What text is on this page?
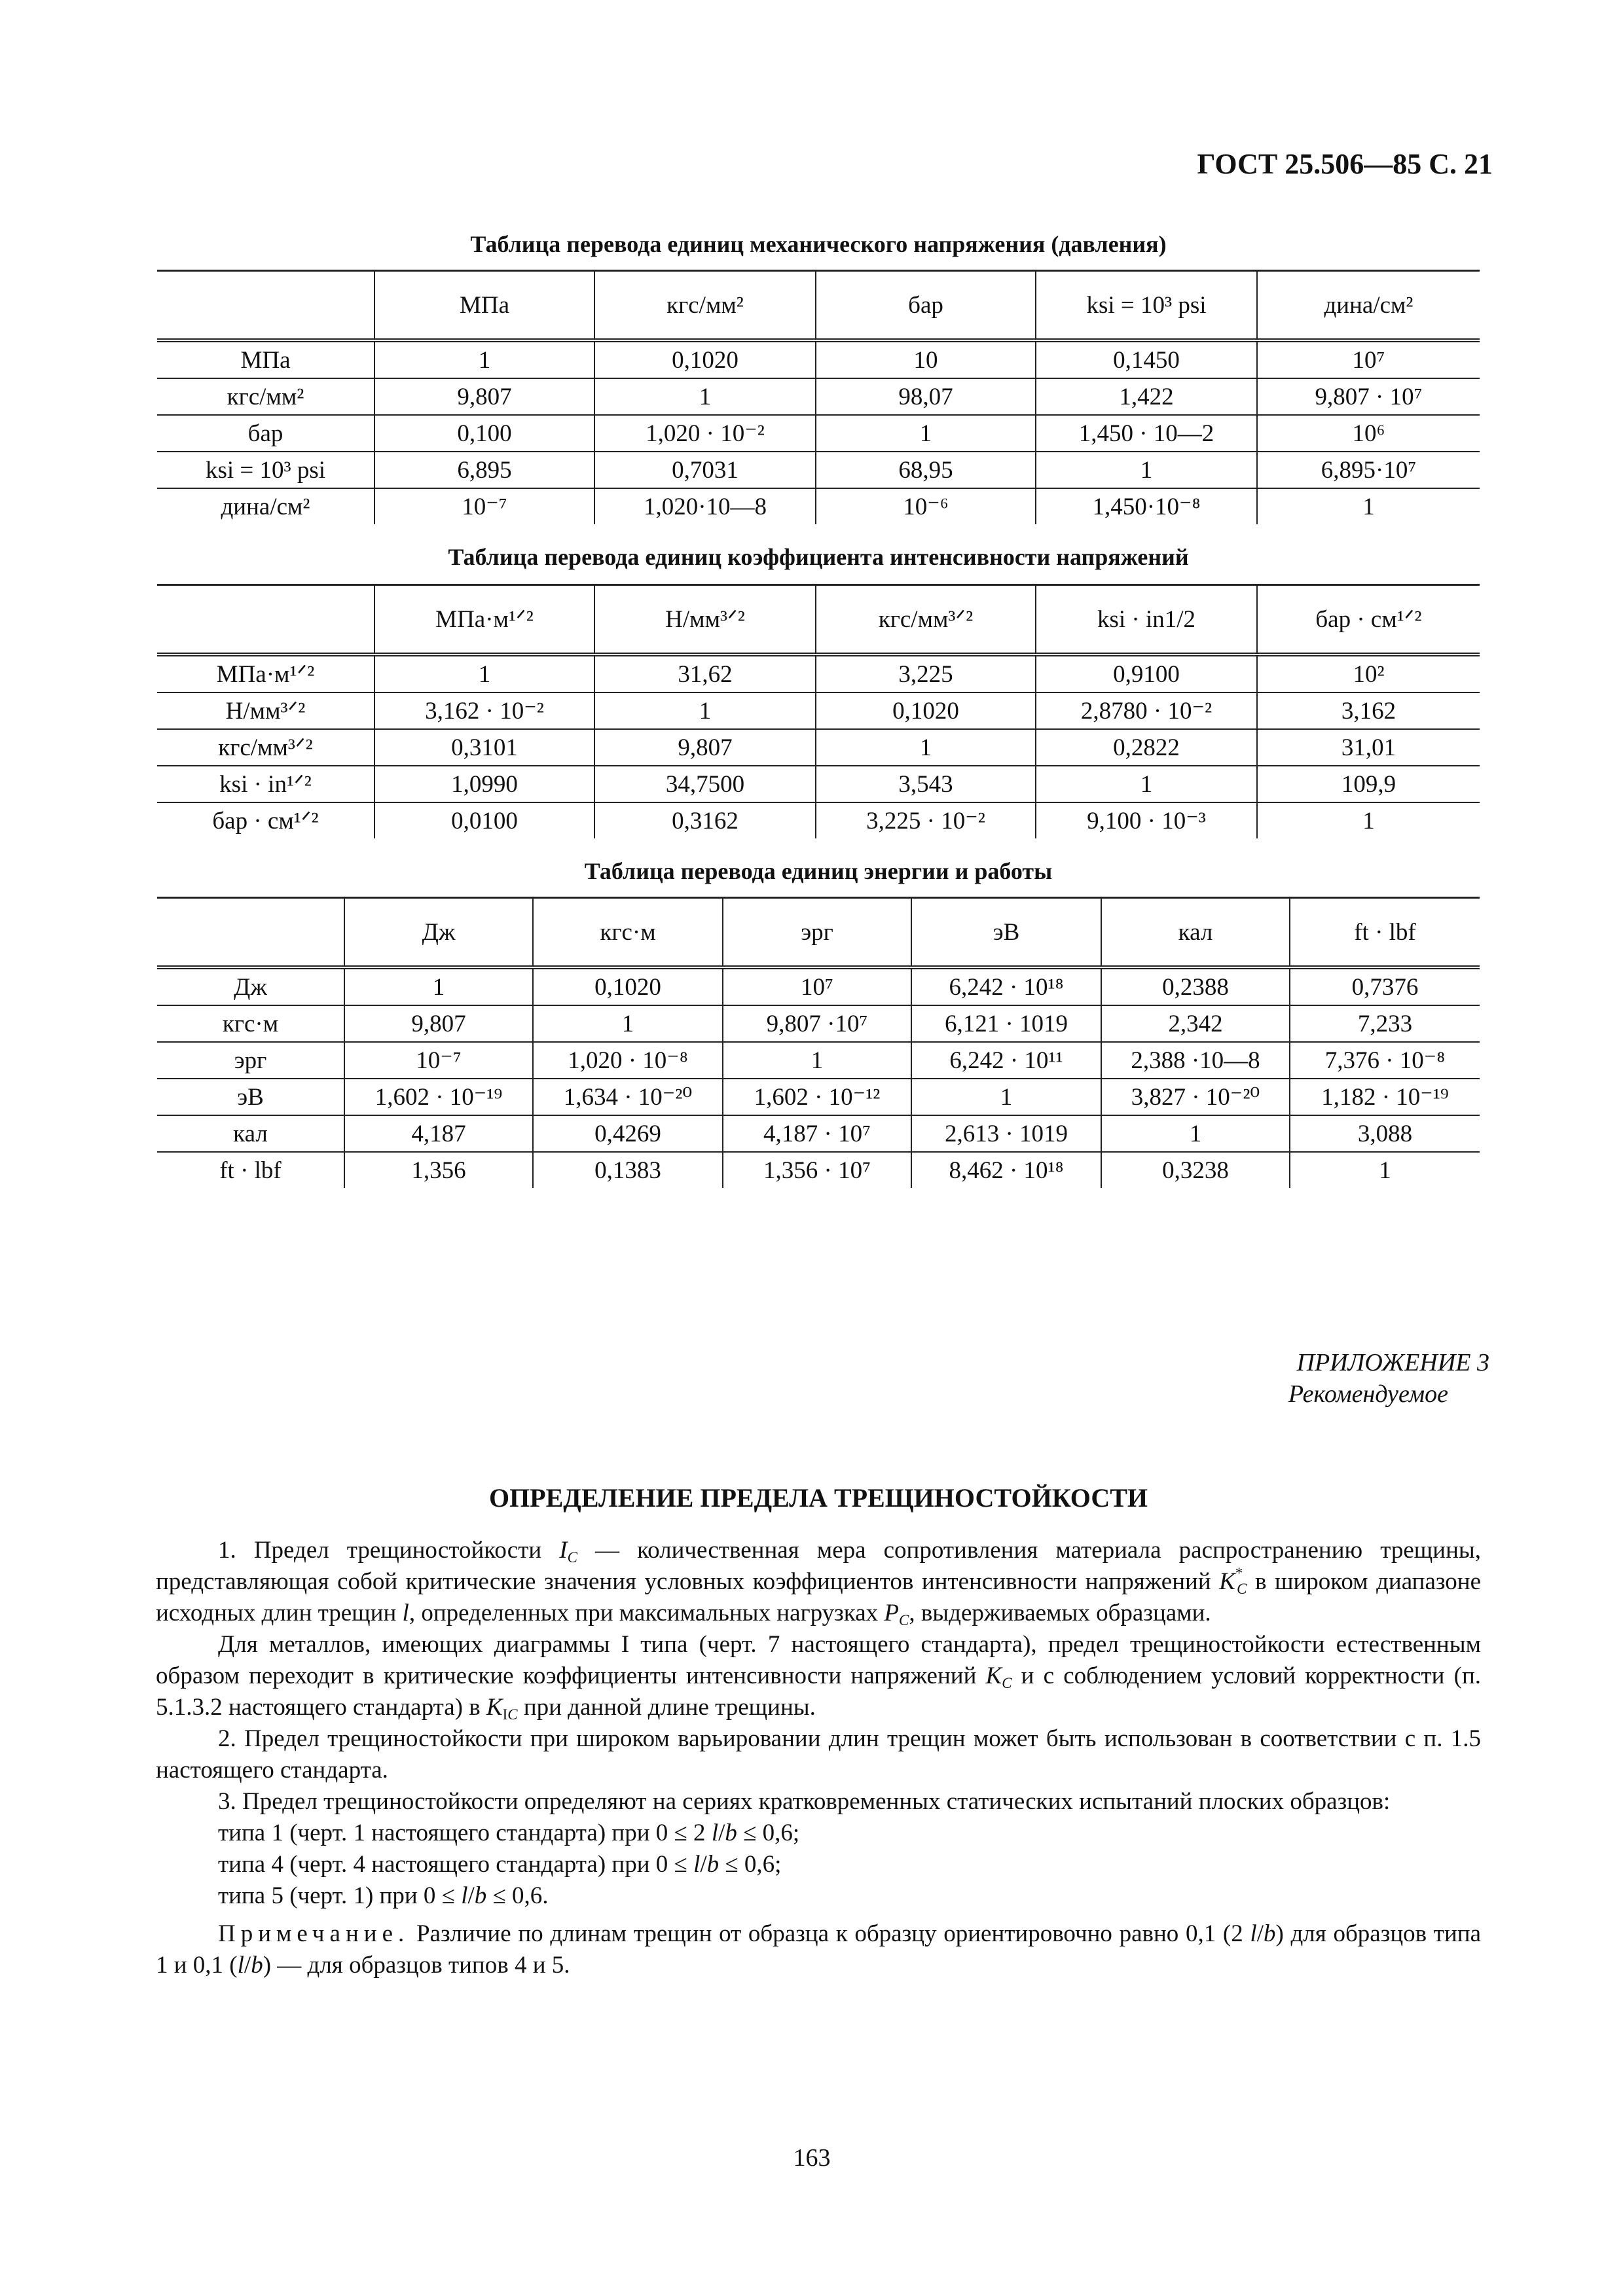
ГОСТ 25.506—85 С. 21
Таблица перевода единиц механического напряжения (давления)
	МПа	кгс/мм²	бар	ksi = 10³ psi	дина/см²
МПа	1	0,1020	10	0,1450	10⁷
кгс/мм²	9,807	1	98,07	1,422	9,807 · 10⁷
бар	0,100	1,020 · 10⁻²	1	1,450 · 10—2	10⁶
ksi = 10³ psi	6,895	0,7031	68,95	1	6,895·10⁷
дина/см²	10⁻⁷	1,020·10—8	10⁻⁶	1,450·10⁻⁸	1
Таблица перевода единиц коэффициента интенсивности напряжений
	МПа·м¹ᐟ²	Н/мм³ᐟ²	кгс/мм³ᐟ²	ksi · in1/2	бар · см¹ᐟ²
МПа·м¹ᐟ²	1	31,62	3,225	0,9100	10²
Н/мм³ᐟ²	3,162 · 10⁻²	1	0,1020	2,8780 · 10⁻²	3,162
кгс/мм³ᐟ²	0,3101	9,807	1	0,2822	31,01
ksi · in¹ᐟ²	1,0990	34,7500	3,543	1	109,9
бар · см¹ᐟ²	0,0100	0,3162	3,225 · 10⁻²	9,100 · 10⁻³	1
Таблица перевода единиц энергии и работы
	Дж	кгс·м	эрг	эВ	кал	ft · lbf
Дж	1	0,1020	10⁷	6,242 · 10¹⁸	0,2388	0,7376
кгс·м	9,807	1	9,807 ·10⁷	6,121 · 1019	2,342	7,233
эрг	10⁻⁷	1,020 · 10⁻⁸	1	6,242 · 10¹¹	2,388 ·10—8	7,376 · 10⁻⁸
эВ	1,602 · 10⁻¹⁹	1,634 · 10⁻²⁰	1,602 · 10⁻¹²	1	3,827 · 10⁻²⁰	1,182 · 10⁻¹⁹
кал	4,187	0,4269	4,187 · 10⁷	2,613 · 1019	1	3,088
ft · lbf	1,356	0,1383	1,356 · 10⁷	8,462 · 10¹⁸	0,3238	1
ПРИЛОЖЕНИЕ 3
Рекомендуемое
ОПРЕДЕЛЕНИЕ ПРЕДЕЛА ТРЕЩИНОСТОЙКОСТИ

1. Предел трещиностойкости $I_C$ — количественная мера сопротивления материала распространению трещины, представляющая собой критические значения условных коэффициентов интенсивности напряжений $K^*_C$ в широком диапазоне исходных длин трещин l, определенных при максимальных нагрузках $P_C$, выдерживаемых образцами.

Для металлов, имеющих диаграммы I типа (черт. 7 настоящего стандарта), предел трещиностойкости естественным образом переходит в критические коэффициенты интенсивности напряжений $K_C$ и с соблюдением условий корректности (п. 5.1.3.2 настоящего стандарта) в $K_{IC}$ при данной длине трещины.

2. Предел трещиностойкости при широком варьировании длин трещин может быть использован в соответствии с п. 1.5 настоящего стандарта.

3. Предел трещиностойкости определяют на сериях кратковременных статических испытаний плоских образцов:

типа 1 (черт. 1 настоящего стандарта) при 0 ≤ 2 l/b ≤ 0,6;

типа 4 (черт. 4 настоящего стандарта) при 0 ≤ l/b ≤ 0,6;

типа 5 (черт. 1) при 0 ≤ l/b ≤ 0,6.

Примечание. Различие по длинам трещин от образца к образцу ориентировочно равно 0,1 (2 l/b) для образцов типа 1 и 0,1 (l/b) — для образцов типов 4 и 5.

163
